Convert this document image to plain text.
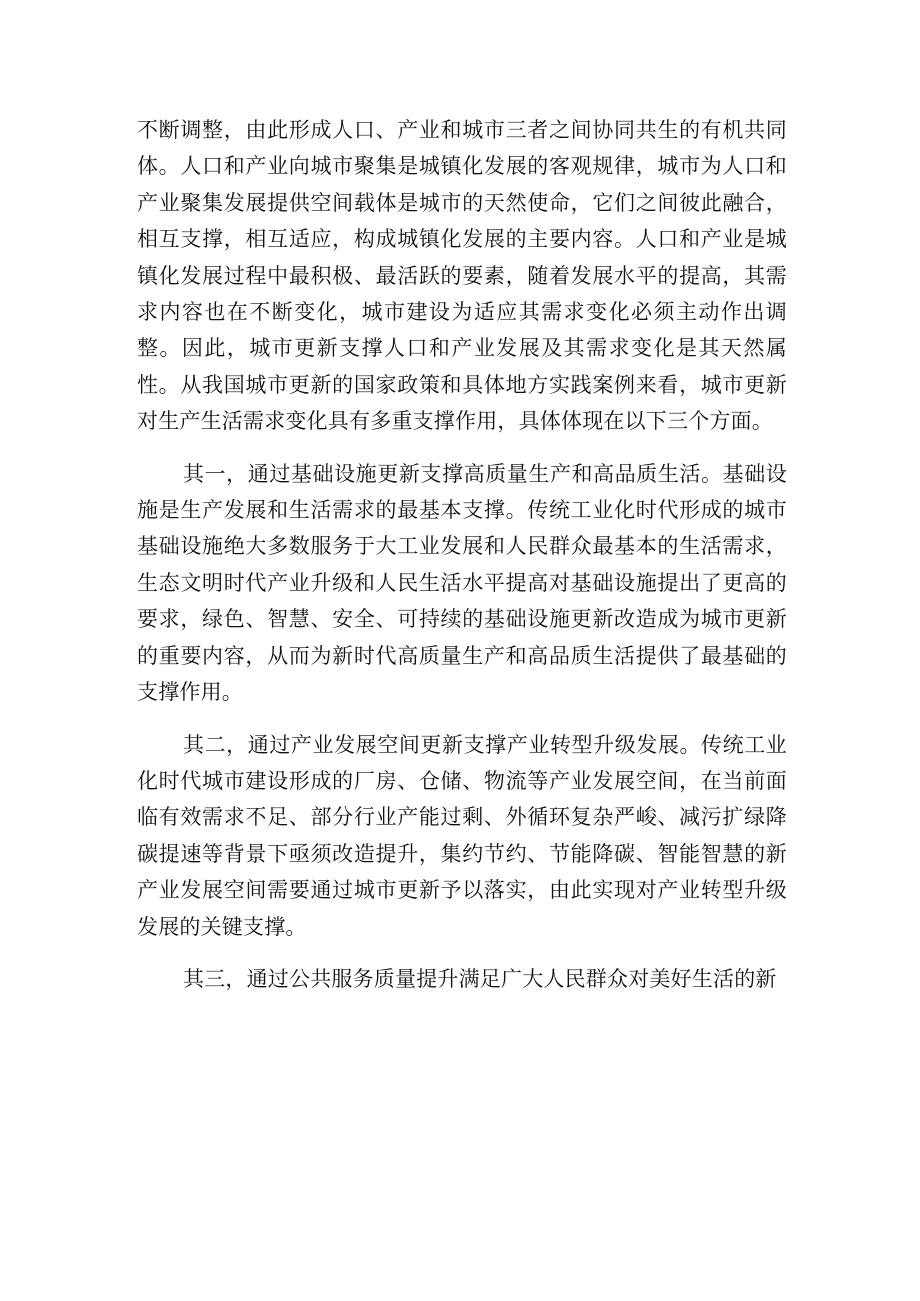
不断调整，由此形成人口、产业和城市三者之间协同共生的有机共同体。人口和产业向城市聚集是城镇化发展的客观规律，城市为人口和产业聚集发展提供空间载体是城市的天然使命，它们之间彼此融合，相互支撑，相互适应，构成城镇化发展的主要内容。人口和产业是城镇化发展过程中最积极、最活跃的要素，随着发展水平的提高，其需求内容也在不断变化，城市建设为适应其需求变化必须主动作出调整。因此，城市更新支撑人口和产业发展及其需求变化是其天然属性。从我国城市更新的国家政策和具体地方实践案例来看，城市更新对生产生活需求变化具有多重支撑作用，具体体现在以下三个方面。

其一，通过基础设施更新支撑高质量生产和高品质生活。基础设施是生产发展和生活需求的最基本支撑。传统工业化时代形成的城市基础设施绝大多数服务于大工业发展和人民群众最基本的生活需求，生态文明时代产业升级和人民生活水平提高对基础设施提出了更高的要求，绿色、智慧、安全、可持续的基础设施更新改造成为城市更新的重要内容，从而为新时代高质量生产和高品质生活提供了最基础的支撑作用。

其二，通过产业发展空间更新支撑产业转型升级发展。传统工业化时代城市建设形成的厂房、仓储、物流等产业发展空间，在当前面临有效需求不足、部分行业产能过剩、外循环复杂严峻、减污扩绿降碳提速等背景下亟须改造提升，集约节约、节能降碳、智能智慧的新产业发展空间需要通过城市更新予以落实，由此实现对产业转型升级发展的关键支撑。

其三，通过公共服务质量提升满足广大人民群众对美好生活的新
